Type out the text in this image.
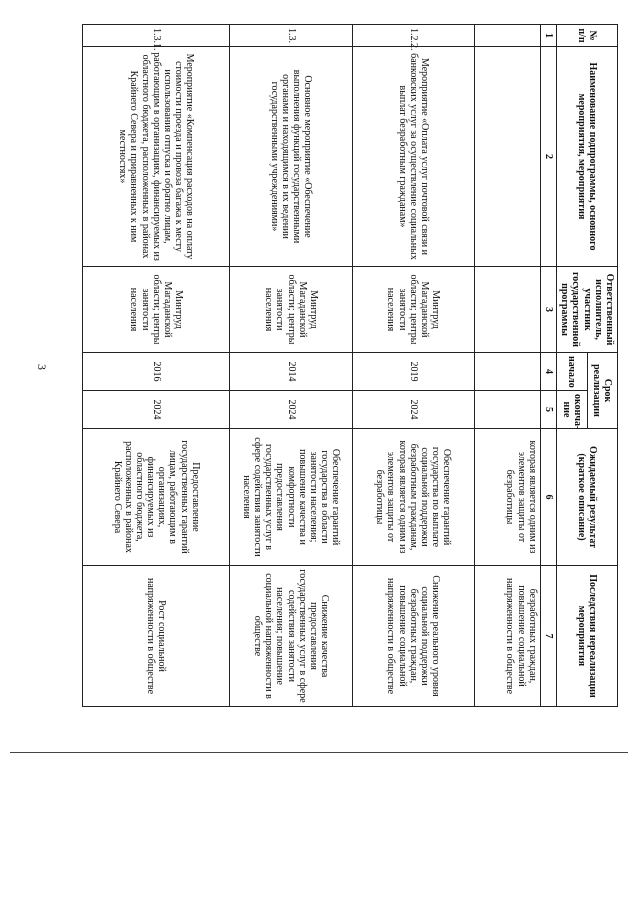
3
№ п/п	Наименование подпрограммы, основного мероприятия, мероприятия	Ответственный исполнитель, участник государственной программы	Срок реализации		Ожидаемый результат (краткое описание)	Последствия нереализации мероприятия
			начало	оконча-ние		
1	2	3	4	5	6	7
					которая является одним из элементов защиты от безработицы	безработных граждан, повышение социальной напряженности в обществе
1.2.2.	Мероприятие «Оплата услуг почтовой связи и банковских услуг за осуществление социальных выплат безработным гражданам»	Минтруд Магаданской области; центры занятости населения	2019	2024	Обеспечение гарантий государства по выплате социальной поддержки безработным гражданам, которая является одним из элементов защиты от безработицы	Снижение реального уровня социальной поддержки безработных граждан, повышение социальной напряженности в обществе
1.3.	Основное мероприятие «Обеспечение выполнения функций государственными органами и находящимся в их ведении государственными учреждениями»	Минтруд Магаданской области; центры занятости населения	2014	2024	Обеспечение гарантий государства в области занятости населения; повышение качества и комфортности предоставления государственных услуг в сфере содействия занятости населения	Снижение качества предоставления государственных услуг в сфере содействия занятости населения; повышение социальной напряженности в обществе
1.3.1.	Мероприятие «Компенсация расходов на оплату стоимости проезда и провоза багажа к месту использования отпуска и обратно лицам, работающим в организациях, финансируемых из областного бюджета, расположенных в районах Крайнего Севера и приравненных к ним местностях»	Минтруд Магаданской области; центры занятости населения	2016	2024	Предоставление государственных гарантий лицам, работающим в организациях, финансируемых из областного бюджета, расположенных в районах Крайнего Севера	Рост социальной напряженности в обществе
